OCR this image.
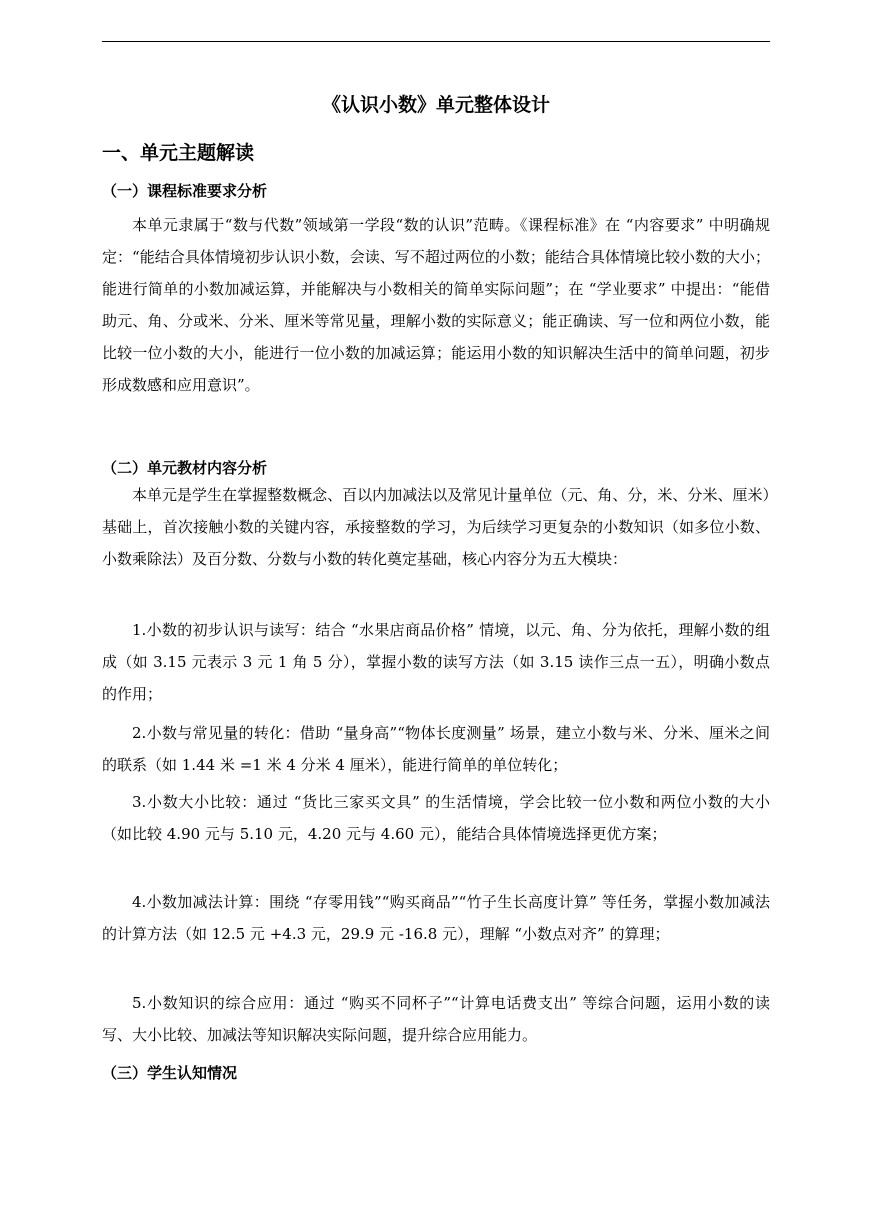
《认识小数》单元整体设计
一、单元主题解读
（一）课程标准要求分析
本单元隶属于“数与代数”领域第一学段“数的认识”范畴。《课程标准》在 “内容要求” 中明确规定：“能结合具体情境初步认识小数，会读、写不超过两位的小数；能结合具体情境比较小数的大小；能进行简单的小数加减运算，并能解决与小数相关的简单实际问题”；在 “学业要求” 中提出：“能借助元、角、分或米、分米、厘米等常见量，理解小数的实际意义；能正确读、写一位和两位小数，能比较一位小数的大小，能进行一位小数的加减运算；能运用小数的知识解决生活中的简单问题，初步形成数感和应用意识”。
（二）单元教材内容分析
本单元是学生在掌握整数概念、百以内加减法以及常见计量单位（元、角、分，米、分米、厘米）基础上，首次接触小数的关键内容，承接整数的学习，为后续学习更复杂的小数知识（如多位小数、小数乘除法）及百分数、分数与小数的转化奠定基础，核心内容分为五大模块：
1.小数的初步认识与读写：结合 “水果店商品价格” 情境，以元、角、分为依托，理解小数的组成（如 3.15 元表示 3 元 1 角 5 分），掌握小数的读写方法（如 3.15 读作三点一五），明确小数点的作用；
2.小数与常见量的转化：借助 “量身高”“物体长度测量” 场景，建立小数与米、分米、厘米之间的联系（如 1.44 米 =1 米 4 分米 4 厘米），能进行简单的单位转化；
3.小数大小比较：通过 “货比三家买文具” 的生活情境，学会比较一位小数和两位小数的大小（如比较 4.90 元与 5.10 元，4.20 元与 4.60 元），能结合具体情境选择更优方案；
4.小数加减法计算：围绕 “存零用钱”“购买商品”“竹子生长高度计算” 等任务，掌握小数加减法的计算方法（如 12.5 元 +4.3 元，29.9 元 -16.8 元），理解 “小数点对齐” 的算理；
5.小数知识的综合应用：通过 “购买不同杯子”“计算电话费支出” 等综合问题，运用小数的读写、大小比较、加减法等知识解决实际问题，提升综合应用能力。
（三）学生认知情况
